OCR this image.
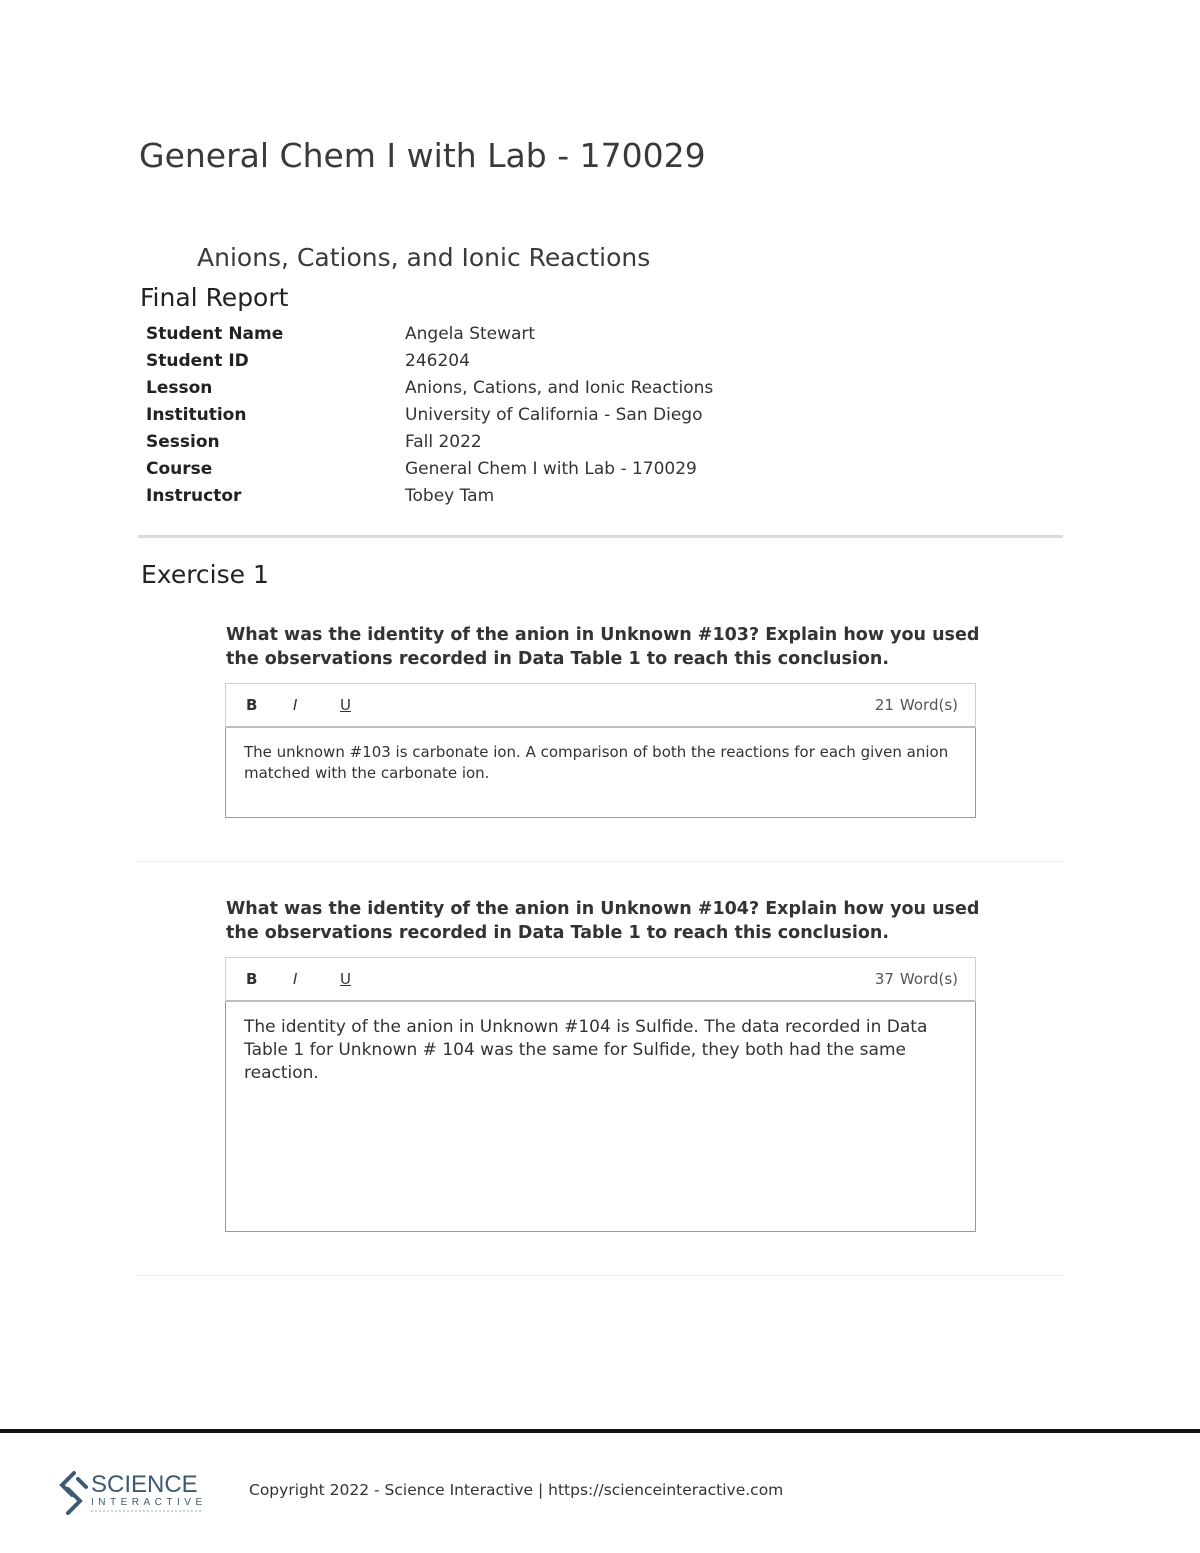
General Chem I with Lab - 170029
Anions, Cations, and Ionic Reactions
Final Report
Student Name	Angela Stewart
Student ID	246204
Lesson	Anions, Cations, and Ionic Reactions
Institution	University of California - San Diego
Session	Fall 2022
Course	General Chem I with Lab - 170029
Instructor	Tobey Tam
Exercise 1
What was the identity of the anion in Unknown #103? Explain how you used the observations recorded in Data Table 1 to reach this conclusion.
B	I	U	21 Word(s)
The unknown #103 is carbonate ion. A comparison of both the reactions for each given anion matched with the carbonate ion.
What was the identity of the anion in Unknown #104? Explain how you used the observations recorded in Data Table 1 to reach this conclusion.
B	I	U	37 Word(s)
The identity of the anion in Unknown #104 is Sulfide. The data recorded in Data Table 1 for Unknown # 104 was the same for Sulfide, they both had the same reaction.
SCIENCE
INTERACTIVE
Copyright 2022 - Science Interactive | https://scienceinteractive.com
